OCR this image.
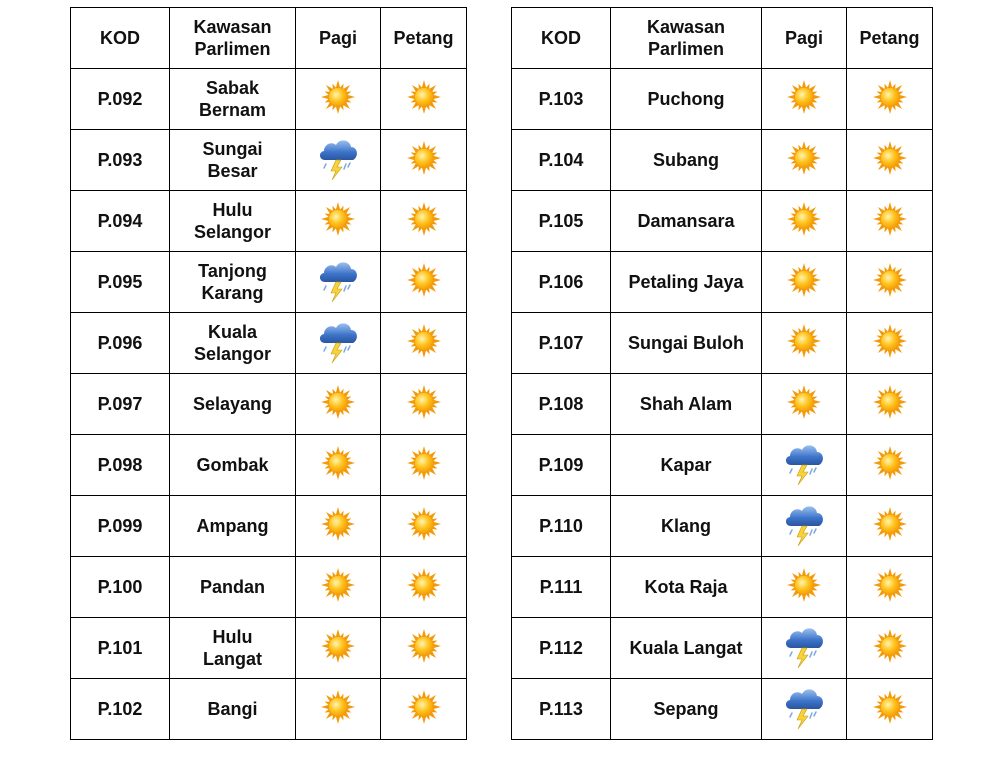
KOD	Kawasan
Parlimen	Pagi	Petang
P.092	Sabak
Bernam	

P.093	Sungai
Besar	

P.094	Hulu
Selangor	

P.095	Tanjong
Karang	

P.096	Kuala
Selangor	

P.097	Selayang	

P.098	Gombak	

P.099	Ampang	

P.100	Pandan	

P.101	Hulu
Langat	

P.102	Bangi	

KOD	Kawasan
Parlimen	Pagi	Petang
P.103	Puchong	

P.104	Subang	

P.105	Damansara	

P.106	Petaling Jaya	

P.107	Sungai Buloh	

P.108	Shah Alam	

P.109	Kapar	

P.110	Klang	

P.111	Kota Raja	

P.112	Kuala Langat	

P.113	Sepang	
